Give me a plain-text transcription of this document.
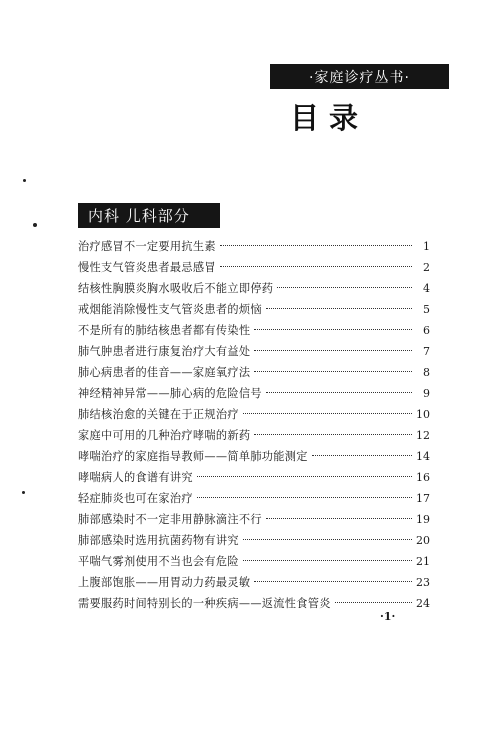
·家庭诊疗丛书·
目录
内科 儿科部分
治疗感冒不一定要用抗生素	1
慢性支气管炎患者最忌感冒	2
结核性胸膜炎胸水吸收后不能立即停药	4
戒烟能消除慢性支气管炎患者的烦恼	5
不是所有的肺结核患者都有传染性	6
肺气肿患者进行康复治疗大有益处	7
肺心病患者的佳音——家庭氧疗法	8
神经精神异常——肺心病的危险信号	9
肺结核治愈的关键在于正规治疗	10
家庭中可用的几种治疗哮喘的新药	12
哮喘治疗的家庭指导教师——简单肺功能测定	14
哮喘病人的食谱有讲究	16
轻症肺炎也可在家治疗	17
肺部感染时不一定非用静脉滴注不行	19
肺部感染时选用抗菌药物有讲究	20
平喘气雾剂使用不当也会有危险	21
上腹部饱胀——用胃动力药最灵敏	23
需要服药时间特别长的一种疾病——返流性食管炎	24
·1·
